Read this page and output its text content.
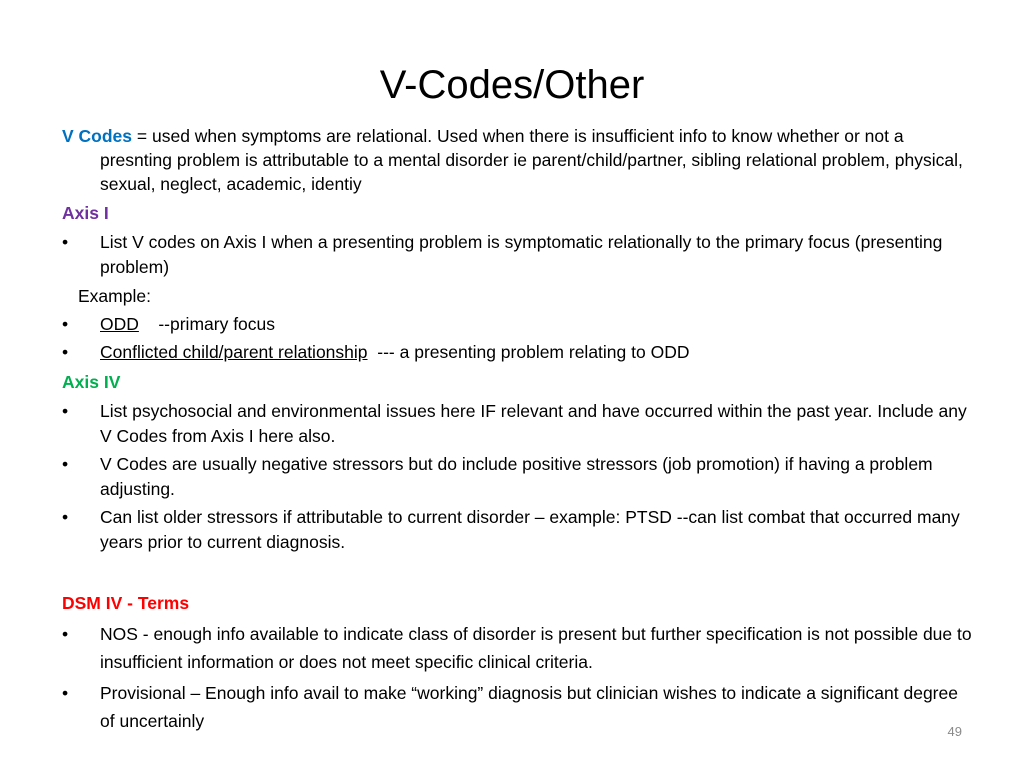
V-Codes/Other

V Codes = used when symptoms are relational. Used when there is insufficient info to know whether or not a presnting problem is attributable to a mental disorder ie parent/child/partner, sibling relational problem, physical, sexual, neglect, academic, identiy

Axis I
• List V codes on Axis I when a presenting problem is symptomatic relationally to the primary focus (presenting problem)
Example:
• ODD --primary focus
• Conflicted child/parent relationship --- a presenting problem relating to ODD
Axis IV
• List psychosocial and environmental issues here IF relevant and have occurred within the past year. Include any V Codes from Axis I here also.
• V Codes are usually negative stressors but do include positive stressors (job promotion) if having a problem adjusting.
• Can list older stressors if attributable to current disorder – example: PTSD --can list combat that occurred many years prior to current diagnosis.
DSM IV - Terms
• NOS - enough info available to indicate class of disorder is present but further specification is not possible due to insufficient information or does not meet specific clinical criteria.
• Provisional – Enough info avail to make “working” diagnosis but clinician wishes to indicate a significant degree of uncertainly
49
